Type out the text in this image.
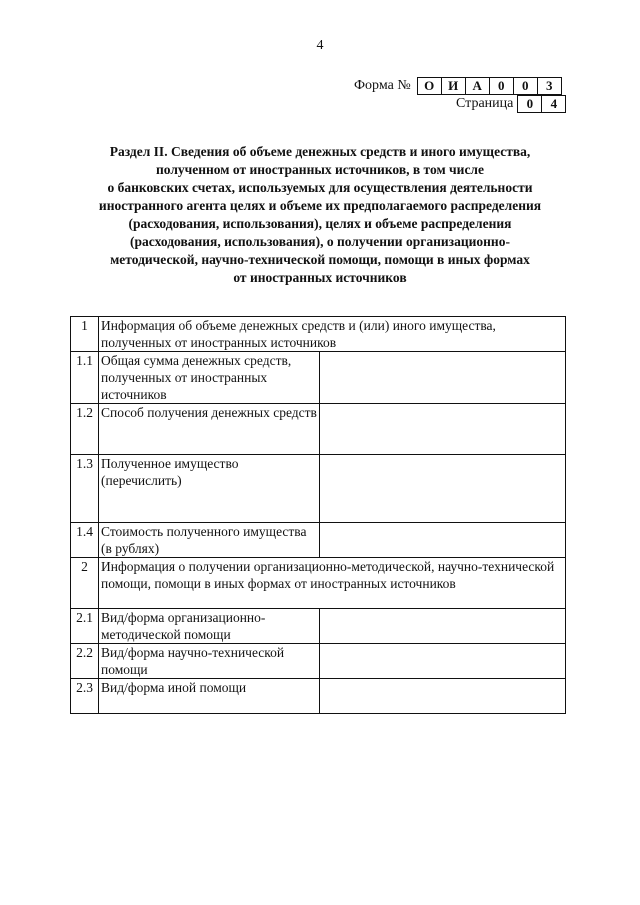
4
Форма №	О	И	А	0	0	3
Страница	0	4
Раздел II. Сведения об объеме денежных средств и иного имущества,
полученном от иностранных источников, в том числе
о банковских счетах, используемых для осуществления деятельности
иностранного агента целях и объеме их предполагаемого распределения
(расходования, использования), целях и объеме распределения
(расходования, использования), о получении организационно-
методической, научно-технической помощи, помощи в иных формах
от иностранных источников
1	Информация об объеме денежных средств и (или) иного имущества, полученных от иностранных источников	
1.1	Общая сумма денежных средств, полученных от иностранных источников	
1.2	Способ получения денежных средств	
1.3	Полученное имущество (перечислить)	
1.4	Стоимость полученного имущества (в рублях)	
2	Информация о получении организационно-методической, научно-технической помощи, помощи в иных формах от иностранных источников	
2.1	Вид/форма организационно-методической помощи	
2.2	Вид/форма научно-технической помощи	
2.3	Вид/форма иной помощи	
